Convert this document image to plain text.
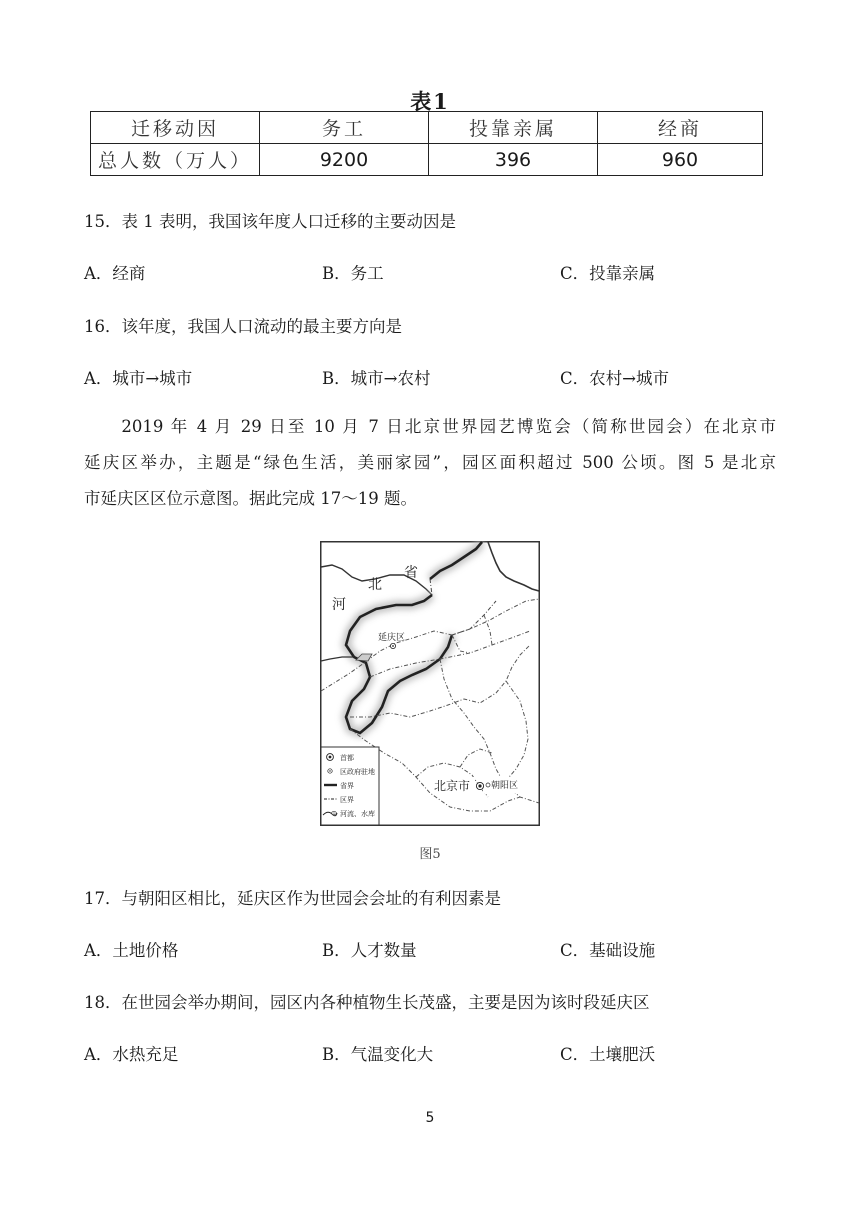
表1
迁移动因	务工	投靠亲属	经商
总人数（万人）	9200	396	960
15．表 1 表明，我国该年度人口迁移的主要动因是
A．经商	B．务工	C．投靠亲属
16．该年度，我国人口流动的最主要方向是
A．城市→城市	B．城市→农村	C．农村→城市
　　2019 年 4 月 29 日至 10 月 7 日北京世界园艺博览会（简称世园会）在北京市
延庆区举办，主题是“绿色生活，美丽家园”，园区面积超过 500 公顷。图 5 是北京
市延庆区区位示意图。据此完成 17～19 题。
河
北
省
延庆区
北京市 朝阳区
首都
区政府驻地
省界
区界
河流、水库
图5
17．与朝阳区相比，延庆区作为世园会会址的有利因素是
A．土地价格	B．人才数量	C．基础设施
18．在世园会举办期间，园区内各种植物生长茂盛，主要是因为该时段延庆区
A．水热充足	B．气温变化大	C．土壤肥沃
5
